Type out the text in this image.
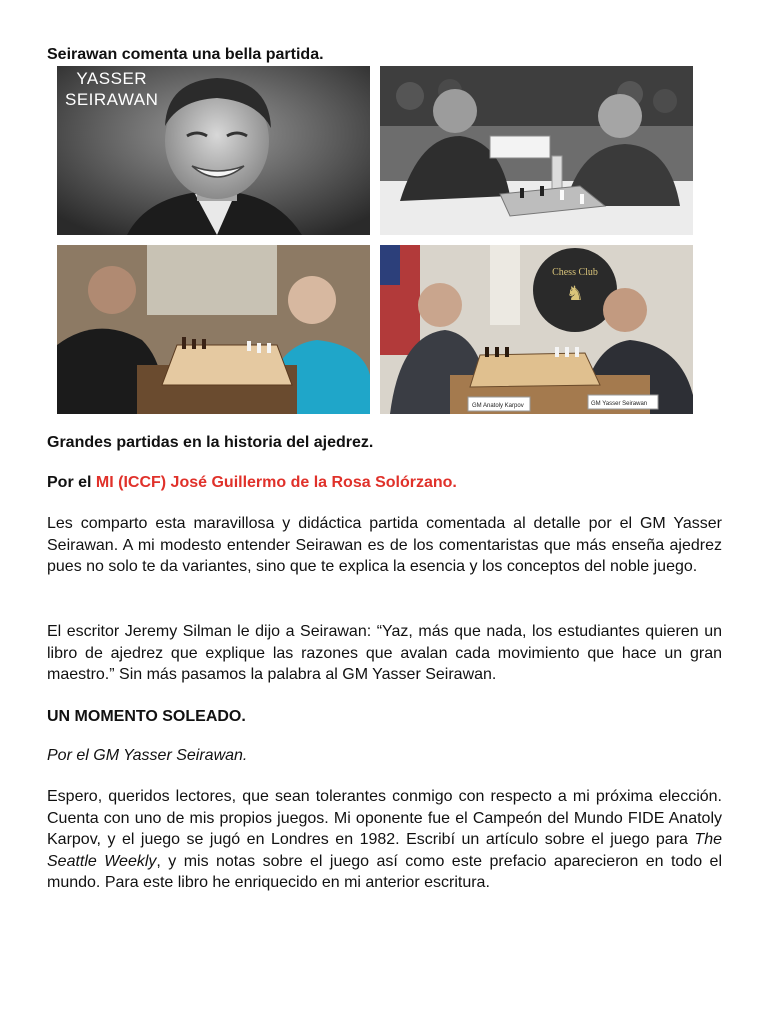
Seirawan comenta una bella partida.

YASSER
SEIRAWAN
Chess Club
♞
GM Anatoly Karpov	GM Yasser Seirawan

Grandes partidas en la historia del ajedrez.

Por el MI (ICCF) José Guillermo de la Rosa Solórzano.

Les comparto esta maravillosa y didáctica partida comentada al detalle por el GM Yasser Seirawan. A mi modesto entender Seirawan es de los comentaristas que más enseña ajedrez pues no solo te da variantes, sino que te explica la esencia y los conceptos del noble juego.

El escritor Jeremy Silman le dijo a Seirawan: “Yaz, más que nada, los estudiantes quieren un libro de ajedrez que explique las razones que avalan cada movimiento que hace un gran maestro.” Sin más pasamos la palabra al GM Yasser Seirawan.

UN MOMENTO SOLEADO.

Por el GM Yasser Seirawan.

Espero, queridos lectores, que sean tolerantes conmigo con respecto a mi próxima elección. Cuenta con uno de mis propios juegos. Mi oponente fue el Campeón del Mundo FIDE Anatoly Karpov, y el juego se jugó en Londres en 1982. Escribí un artículo sobre el juego para The Seattle Weekly, y mis notas sobre el juego así como este prefacio aparecieron en todo el mundo. Para este libro he enriquecido en mi anterior escritura.
